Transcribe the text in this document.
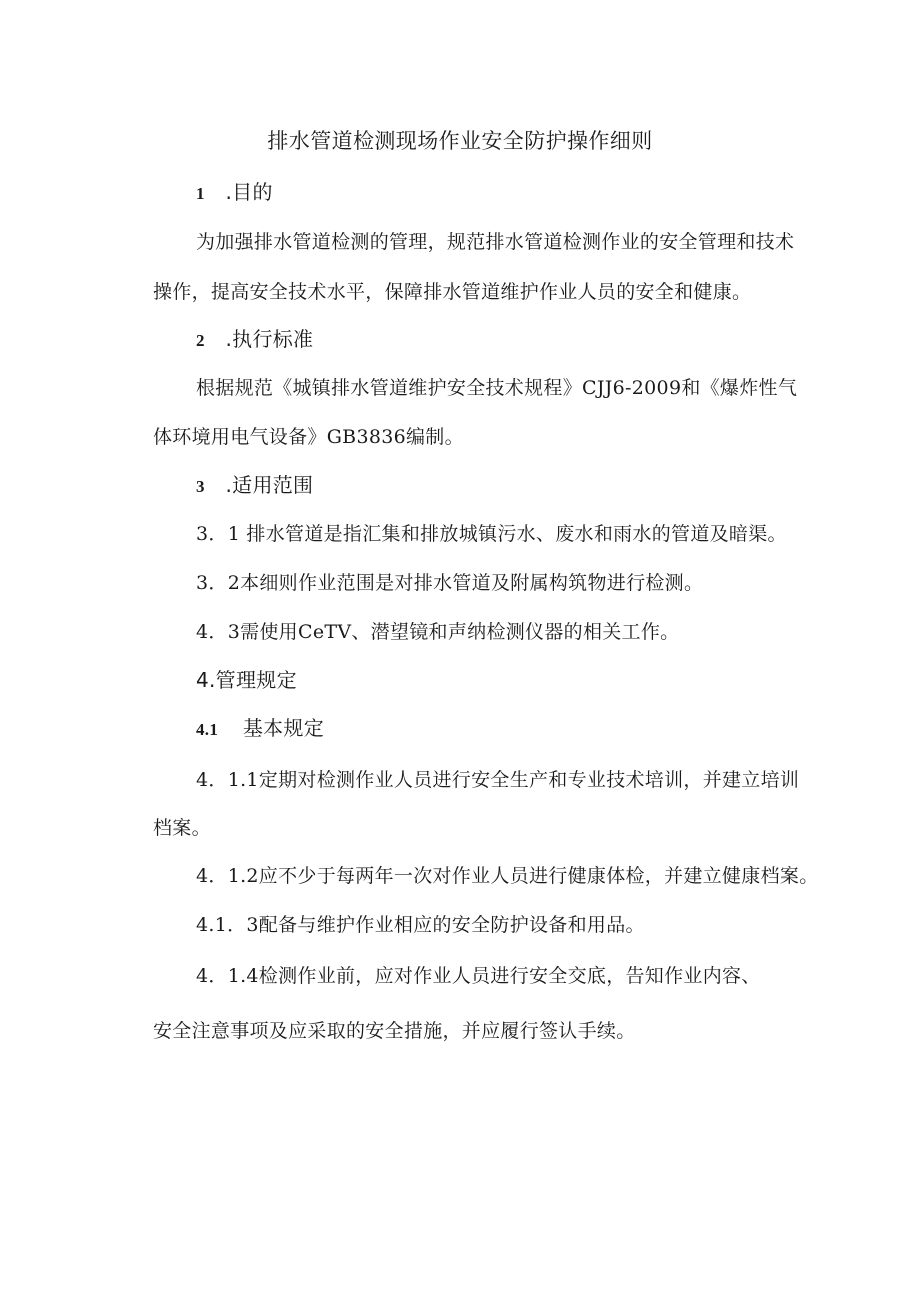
排水管道检测现场作业安全防护操作细则
1 .目的
为加强排水管道检测的管理，规范排水管道检测作业的安全管理和技术
操作，提高安全技术水平，保障排水管道维护作业人员的安全和健康。
2 .执行标准
根据规范《城镇排水管道维护安全技术规程》CJJ6-2009和《爆炸性气
体环境用电气设备》GB3836编制。
3 .适用范围
3．1 排水管道是指汇集和排放城镇污水、废水和雨水的管道及暗渠。
3．2本细则作业范围是对排水管道及附属构筑物进行检测。
4．3需使用CeTV、潜望镜和声纳检测仪器的相关工作。
4.管理规定
4.1 基本规定
4．1.1定期对检测作业人员进行安全生产和专业技术培训，并建立培训
档案。
4．1.2应不少于每两年一次对作业人员进行健康体检，并建立健康档案。
4.1．3配备与维护作业相应的安全防护设备和用品。
4．1.4检测作业前，应对作业人员进行安全交底，告知作业内容、
安全注意事项及应采取的安全措施，并应履行签认手续。
